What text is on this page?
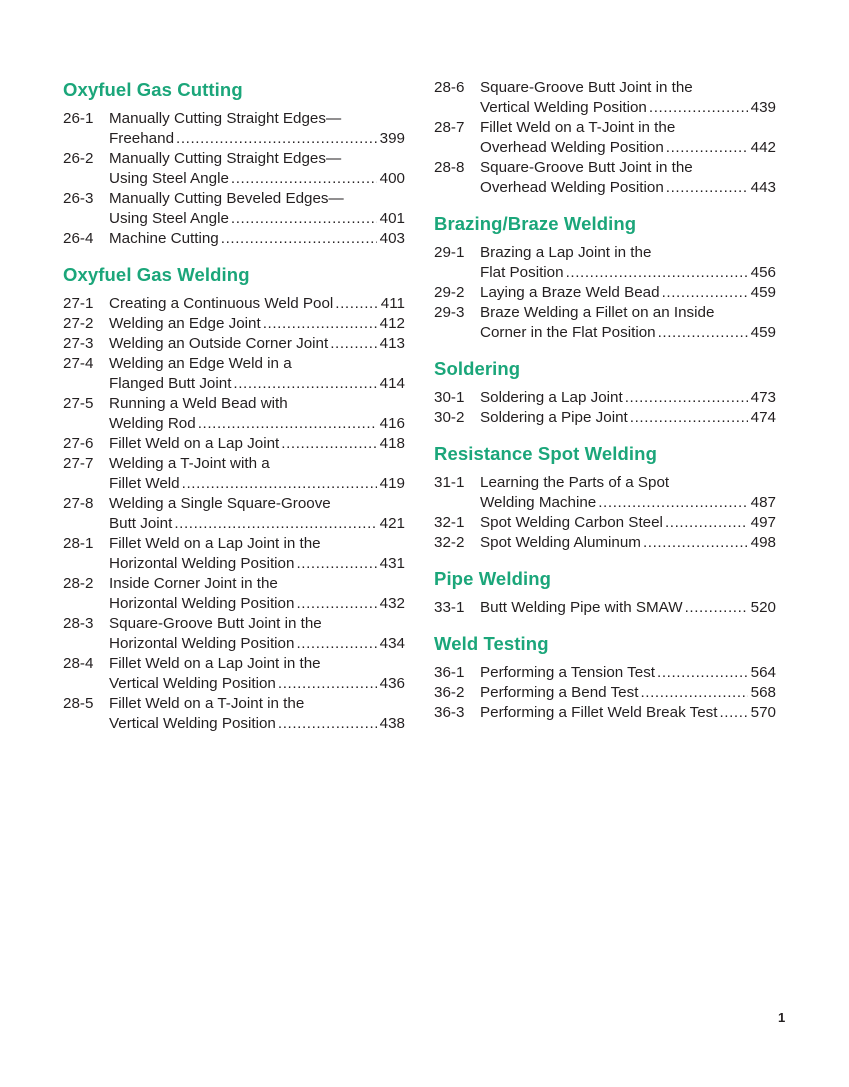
Oxyfuel Gas Cutting
26-1	Manually Cutting Straight Edges—
Freehand .....	399
26-2	Manually Cutting Straight Edges—
Using Steel Angle .....	400
26-3	Manually Cutting Beveled Edges—
Using Steel Angle .....	401
26-4	Machine Cutting .....	403
Oxyfuel Gas Welding
27-1	Creating a Continuous Weld Pool .....	411
27-2	Welding an Edge Joint .....	412
27-3	Welding an Outside Corner Joint .....	413
27-4	Welding an Edge Weld in a
Flanged Butt Joint .....	414
27-5	Running a Weld Bead with
Welding Rod .....	416
27-6	Fillet Weld on a Lap Joint .....	418
27-7	Welding a T-Joint with a
Fillet Weld .....	419
27-8	Welding a Single Square-Groove
Butt Joint .....	421
28-1	Fillet Weld on a Lap Joint in the
Horizontal Welding Position .....	431
28-2	Inside Corner Joint in the
Horizontal Welding Position .....	432
28-3	Square-Groove Butt Joint in the
Horizontal Welding Position .....	434
28-4	Fillet Weld on a Lap Joint in the
Vertical Welding Position .....	436
28-5	Fillet Weld on a T-Joint in the
Vertical Welding Position .....	438
28-6	Square-Groove Butt Joint in the
Vertical Welding Position .....	439
28-7	Fillet Weld on a T-Joint in the
Overhead Welding Position .....	442
28-8	Square-Groove Butt Joint in the
Overhead Welding Position .....	443
Brazing/Braze Welding
29-1	Brazing a Lap Joint in the
Flat Position .....	456
29-2	Laying a Braze Weld Bead .....	459
29-3	Braze Welding a Fillet on an Inside
Corner in the Flat Position .....	459
Soldering
30-1	Soldering a Lap Joint .....	473
30-2	Soldering a Pipe Joint .....	474
Resistance Spot Welding
31-1	Learning the Parts of a Spot
Welding Machine .....	487
32-1	Spot Welding Carbon Steel .....	497
32-2	Spot Welding Aluminum .....	498
Pipe Welding
33-1	Butt Welding Pipe with SMAW .....	520
Weld Testing
36-1	Performing a Tension Test .....	564
36-2	Performing a Bend Test .....	568
36-3	Performing a Fillet Weld Break Test ..... 570
1
